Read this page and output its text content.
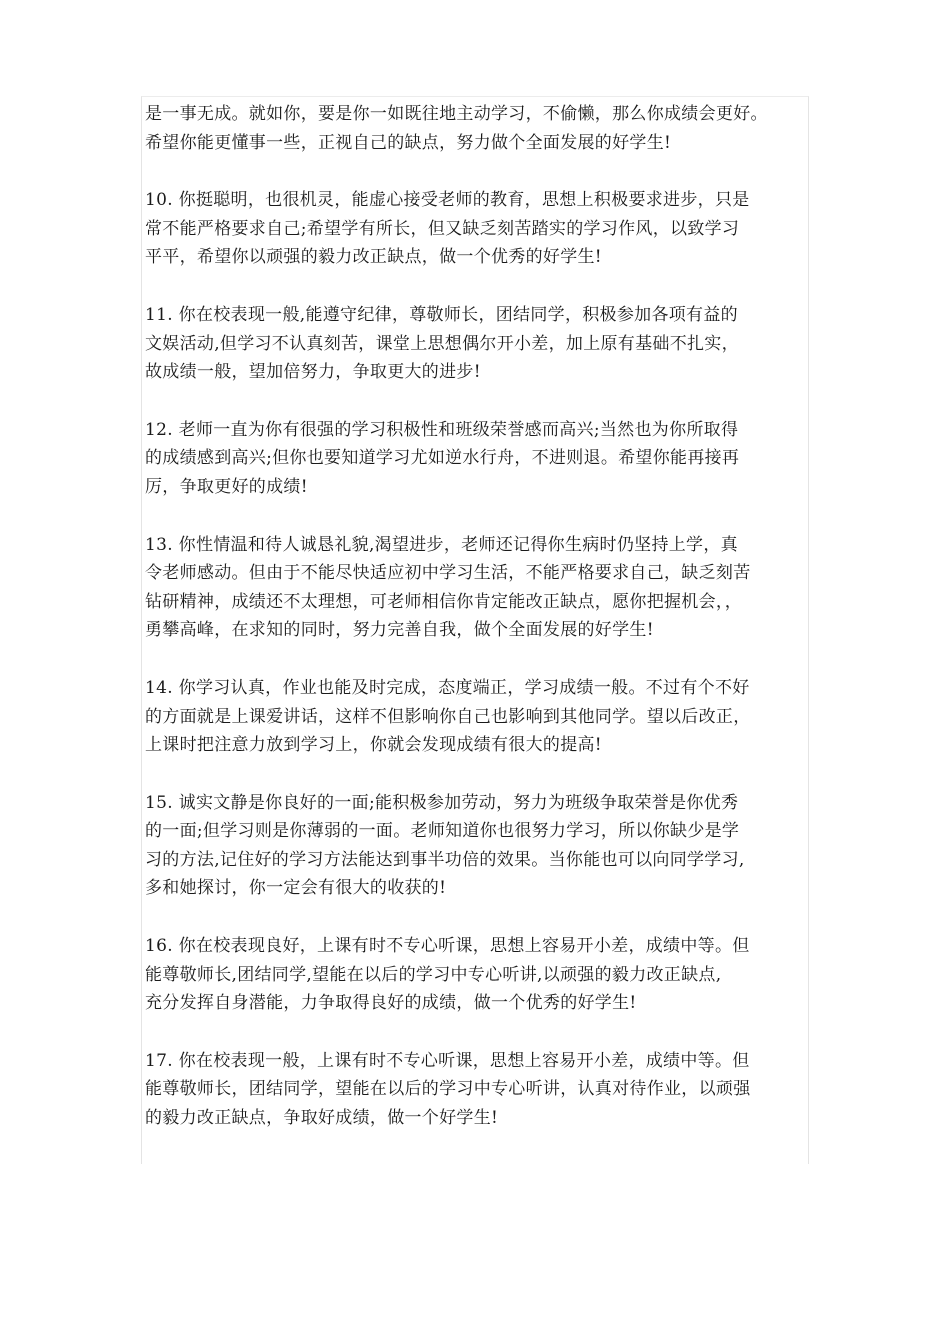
是一事无成。就如你，要是你一如既往地主动学习，不偷懒，那么你成绩会更好。
希望你能更懂事一些，正视自己的缺点，努力做个全面发展的好学生!

10. 你挺聪明，也很机灵，能虚心接受老师的教育，思想上积极要求进步，只是
常不能严格要求自己;希望学有所长，但又缺乏刻苦踏实的学习作风，以致学习
平平，希望你以顽强的毅力改正缺点，做一个优秀的好学生!

11. 你在校表现一般,能遵守纪律，尊敬师长，团结同学，积极参加各项有益的
文娱活动,但学习不认真刻苦，课堂上思想偶尔开小差，加上原有基础不扎实，
故成绩一般，望加倍努力，争取更大的进步!

12. 老师一直为你有很强的学习积极性和班级荣誉感而高兴;当然也为你所取得
的成绩感到高兴;但你也要知道学习尤如逆水行舟，不进则退。希望你能再接再
厉，争取更好的成绩!

13. 你性情温和待人诚恳礼貌,渴望进步，老师还记得你生病时仍坚持上学，真
令老师感动。但由于不能尽快适应初中学习生活，不能严格要求自己，缺乏刻苦
钻研精神，成绩还不太理想，可老师相信你肯定能改正缺点，愿你把握机会，，
勇攀高峰，在求知的同时，努力完善自我，做个全面发展的好学生!

14. 你学习认真，作业也能及时完成，态度端正，学习成绩一般。不过有个不好
的方面就是上课爱讲话，这样不但影响你自己也影响到其他同学。望以后改正，
上课时把注意力放到学习上，你就会发现成绩有很大的提高!

15. 诚实文静是你良好的一面;能积极参加劳动，努力为班级争取荣誉是你优秀
的一面;但学习则是你薄弱的一面。老师知道你也很努力学习，所以你缺少是学
习的方法,记住好的学习方法能达到事半功倍的效果。当你能也可以向同学学习,
多和她探讨，你一定会有很大的收获的!

16. 你在校表现良好，上课有时不专心听课，思想上容易开小差，成绩中等。但
能尊敬师长,团结同学,望能在以后的学习中专心听讲,以顽强的毅力改正缺点,
充分发挥自身潜能，力争取得良好的成绩，做一个优秀的好学生!

17. 你在校表现一般，上课有时不专心听课，思想上容易开小差，成绩中等。但
能尊敬师长，团结同学，望能在以后的学习中专心听讲，认真对待作业，以顽强
的毅力改正缺点，争取好成绩，做一个好学生!
